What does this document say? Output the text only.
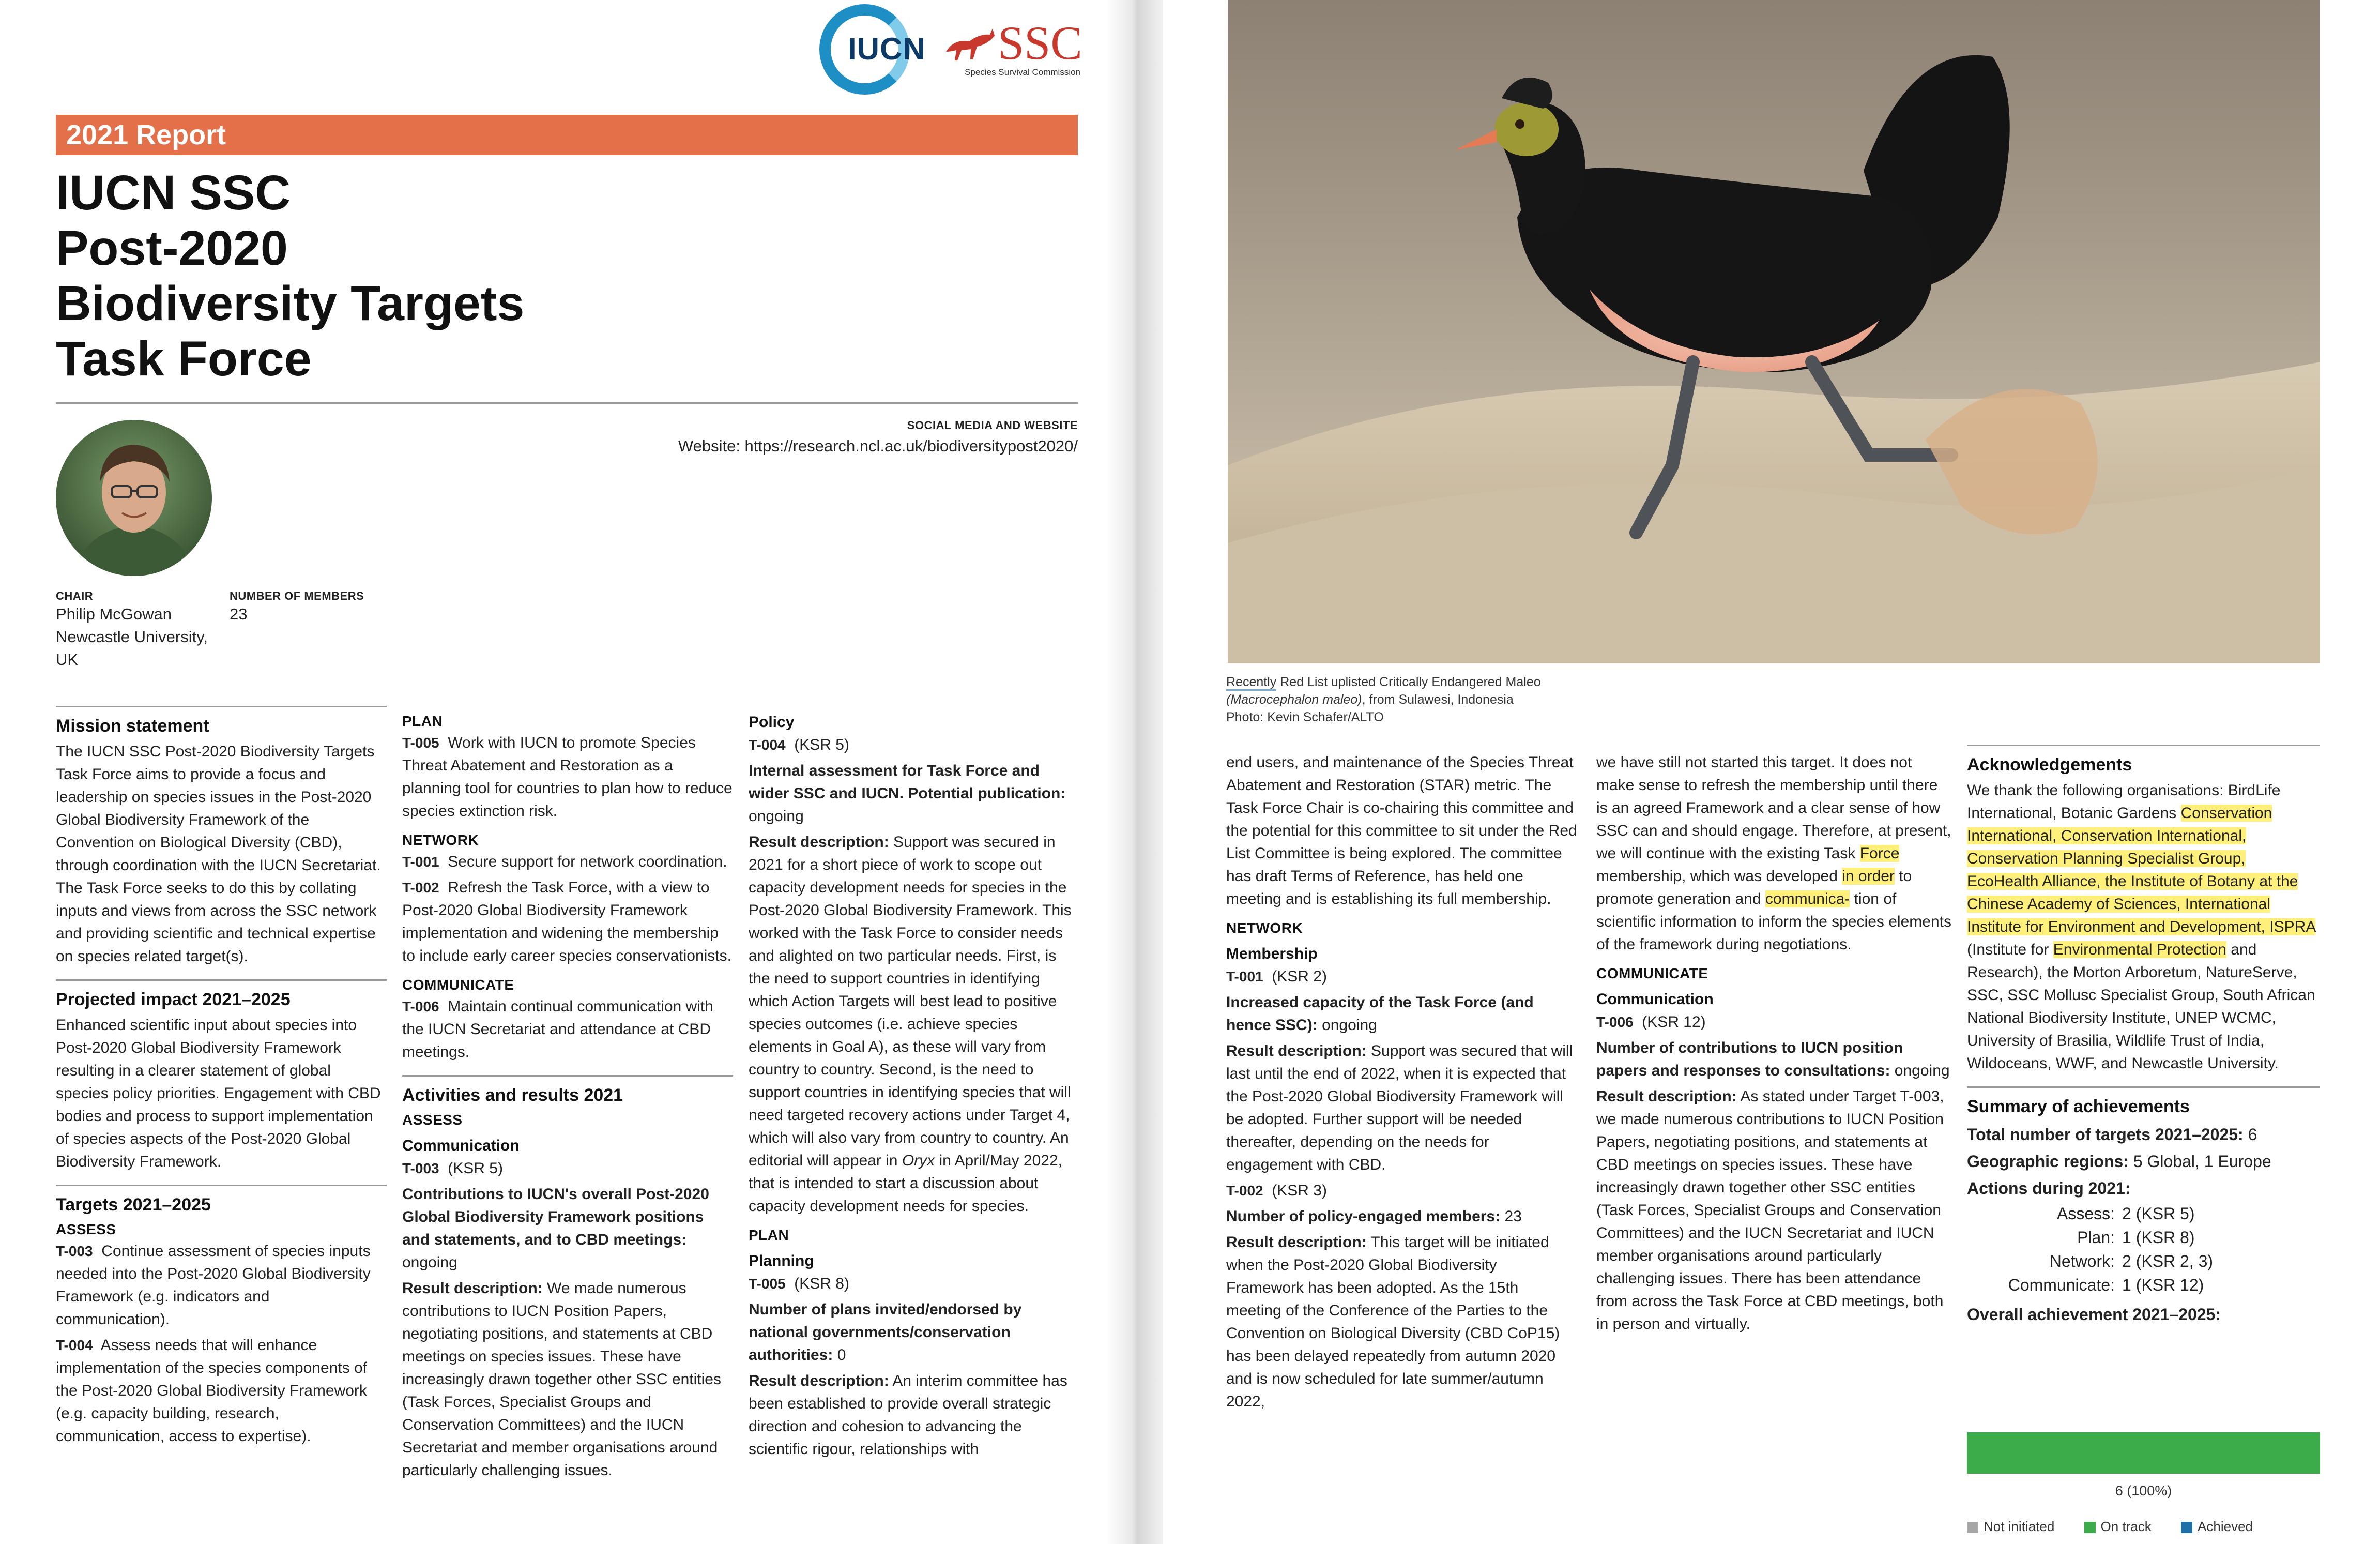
IUCN SSC
Species Survival Commission
2021 Report
IUCN SSC
Post-2020
Biodiversity Targets
Task Force
SOCIAL MEDIA AND WEBSITE
Website: https://research.ncl.ac.uk/biodiversitypost2020/
CHAIR
Philip McGowan
Newcastle University,
UK
NUMBER OF MEMBERS
23
Mission statement

The IUCN SSC Post-2020 Biodiversity Targets Task Force aims to provide a focus and leadership on species issues in the Post-2020 Global Biodiversity Framework of the Convention on Biological Diversity (CBD), through coordination with the IUCN Secretariat. The Task Force seeks to do this by collating inputs and views from across the SSC network and providing scientific and technical expertise on species related target(s).

Projected impact 2021–2025

Enhanced scientific input about species into Post-2020 Global Biodiversity Framework resulting in a clearer statement of global species policy priorities. Engagement with CBD bodies and process to support implementation of species aspects of the Post-2020 Global Biodiversity Framework.

Targets 2021–2025
ASSESS

T-003 Continue assessment of species inputs needed into the Post-2020 Global Biodiversity Framework (e.g. indicators and communication).

T-004 Assess needs that will enhance implementation of the species components of the Post-2020 Global Biodiversity Framework (e.g. capacity building, research, communication, access to expertise).

PLAN

T-005 Work with IUCN to promote Species Threat Abatement and Restoration as a planning tool for countries to plan how to reduce species extinction risk.

NETWORK

T-001 Secure support for network coordination.

T-002 Refresh the Task Force, with a view to Post-2020 Global Biodiversity Framework implementation and widening the membership to include early career species conservationists.

COMMUNICATE

T-006 Maintain continual communication with the IUCN Secretariat and attendance at CBD meetings.

Activities and results 2021
ASSESS
Communication

T-003 (KSR 5)

Contributions to IUCN's overall Post-2020 Global Biodiversity Framework positions and statements, and to CBD meetings: ongoing

Result description: We made numerous contributions to IUCN Position Papers, negotiating positions, and statements at CBD meetings on species issues. These have increasingly drawn together other SSC entities (Task Forces, Specialist Groups and Conservation Committees) and the IUCN Secretariat and member organisations around particularly challenging issues.

Policy

T-004 (KSR 5)

Internal assessment for Task Force and wider SSC and IUCN. Potential publication: ongoing

Result description: Support was secured in 2021 for a short piece of work to scope out capacity development needs for species in the Post-2020 Global Biodiversity Framework. This worked with the Task Force to consider needs and alighted on two particular needs. First, is the need to support countries in identifying which Action Targets will best lead to positive species outcomes (i.e. achieve species elements in Goal A), as these will vary from country to country. Second, is the need to support countries in identifying species that will need targeted recovery actions under Target 4, which will also vary from country to country. An editorial will appear in Oryx in April/May 2022, that is intended to start a discussion about capacity development needs for species.

PLAN
Planning

T-005 (KSR 8)

Number of plans invited/endorsed by national governments/conservation authorities: 0

Result description: An interim committee has been established to provide overall strategic direction and cohesion to advancing the scientific rigour, relationships with

Recently Red List uplisted Critically Endangered Maleo
(Macrocephalon maleo), from Sulawesi, Indonesia
Photo: Kevin Schafer/ALTO

end users, and maintenance of the Species Threat Abatement and Restoration (STAR) metric. The Task Force Chair is co-chairing this committee and the potential for this committee to sit under the Red List Committee is being explored. The committee has draft Terms of Reference, has held one meeting and is establishing its full membership.

NETWORK
Membership

T-001 (KSR 2)

Increased capacity of the Task Force (and hence SSC): ongoing

Result description: Support was secured that will last until the end of 2022, when it is expected that the Post-2020 Global Biodiversity Framework will be adopted. Further support will be needed thereafter, depending on the needs for engagement with CBD.

T-002 (KSR 3)

Number of policy-engaged members: 23

Result description: This target will be initiated when the Post-2020 Global Biodiversity Framework has been adopted. As the 15th meeting of the Conference of the Parties to the Convention on Biological Diversity (CBD CoP15) has been delayed repeatedly from autumn 2020 and is now scheduled for late summer/autumn 2022,

we have still not started this target. It does not make sense to refresh the membership until there is an agreed Framework and a clear sense of how SSC can and should engage. Therefore, at present, we will continue with the existing Task Force membership, which was developed in order to promote generation and communica- tion of scientific information to inform the species elements of the framework during negotiations.

COMMUNICATE
Communication

T-006 (KSR 12)

Number of contributions to IUCN position papers and responses to consultations: ongoing

Result description: As stated under Target T-003, we made numerous contributions to IUCN Position Papers, negotiating positions, and statements at CBD meetings on species issues. These have increasingly drawn together other SSC entities (Task Forces, Specialist Groups and Conservation Committees) and the IUCN Secretariat and IUCN member organisations around particularly challenging issues. There has been attendance from across the Task Force at CBD meetings, both in person and virtually.

Acknowledgements

We thank the following organisations: BirdLife International, Botanic Gardens Conservation International, Conservation International, Conservation Planning Specialist Group, EcoHealth Alliance, the Institute of Botany at the Chinese Academy of Sciences, International Institute for Environment and Development, ISPRA (Institute for Environmental Protection and Research), the Morton Arboretum, NatureServe, SSC, SSC Mollusc Specialist Group, South African National Biodiversity Institute, UNEP WCMC, University of Brasilia, Wildlife Trust of India, Wildoceans, WWF, and Newcastle University.

Summary of achievements
Total number of targets 2021–2025: 6
Geographic regions: 5 Global, 1 Europe
Actions during 2021:
Assess: 2 (KSR 5)
Plan: 1 (KSR 8)
Network: 2 (KSR 2, 3)
Communicate: 1 (KSR 12)
Overall achievement 2021–2025:
6 (100%)
Not initiated	On track	Achieved
